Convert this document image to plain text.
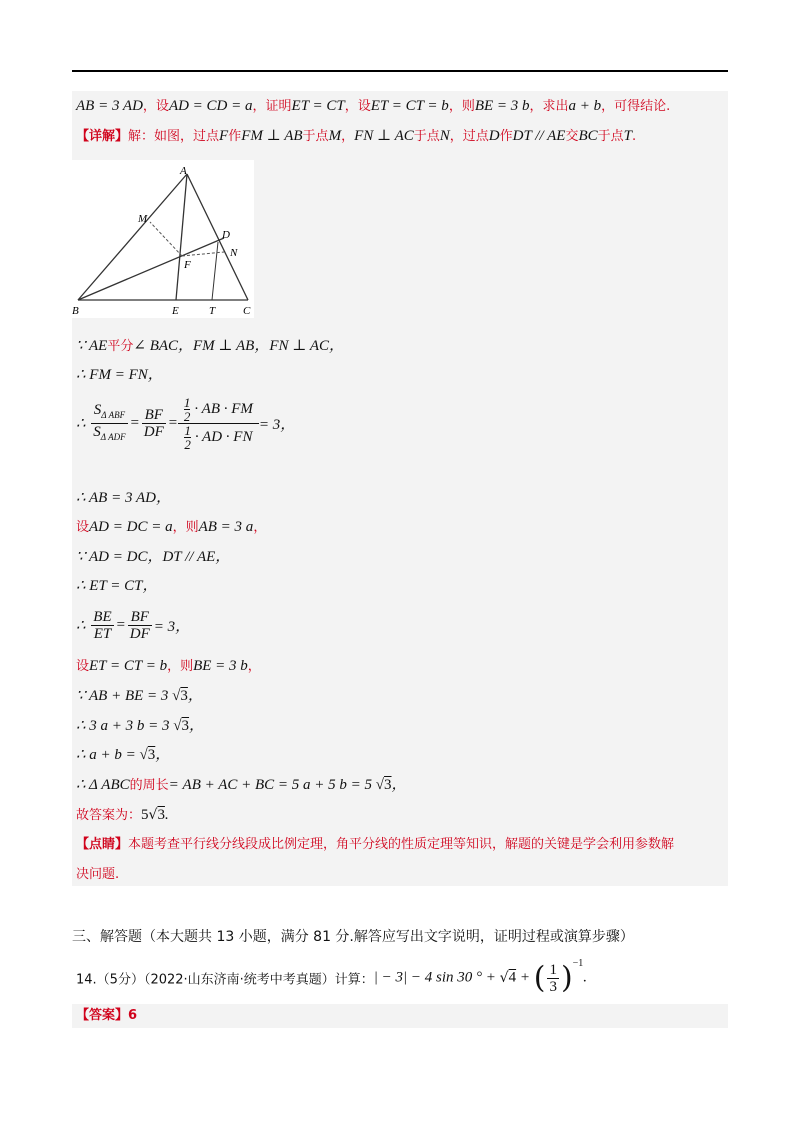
AB = 3 AD，设AD = CD = a，证明ET = CT，设ET = CT = b，则BE = 3 b，求出a + b，可得结论.
【详解】解：如图，过点F作FM ⊥ AB于点M，FN ⊥ AC于点N，过点D作DT // AE交BC于点T.
A
M
D
N
F
B	E	T	C
∵ AE平分∠ BAC，FM ⊥ AB，FN ⊥ AC，
∴ FM = FN，
∴ $\frac{S_{\Delta ABF}}{S_{\Delta ADF}} = \frac{BF}{DF} = \frac{\frac{1}{2} \cdot AB \cdot FM}{\frac{1}{2} \cdot AD \cdot FN} = 3$，
∴ AB = 3 AD，
设AD = DC = a，则AB = 3 a，
∵ AD = DC，DT // AE，
∴ ET = CT，
∴ $\frac{BE}{ET} = \frac{BF}{DF} = 3$，
设ET = CT = b，则BE = 3 b，
∵ AB + BE = 3 √3，
∴ 3 a + 3 b = 3 √3，
∴ a + b = √3，
∴ Δ ABC的周长= AB + AC + BC = 5 a + 5 b = 5 √3，
故答案为：5√3.
【点睛】本题考查平行线分线段成比例定理，角平分线的性质定理等知识，解题的关键是学会利用参数解
决问题.
三、解答题（本大题共 13 小题，满分 81 分.解答应写出文字说明，证明过程或演算步骤）
14.（5分）（2022·山东济南·统考中考真题）计算：| − 3| − 4 sin 30 ° + √4 + ( $\frac{1}{3} )^{-1}$.
【答案】6
